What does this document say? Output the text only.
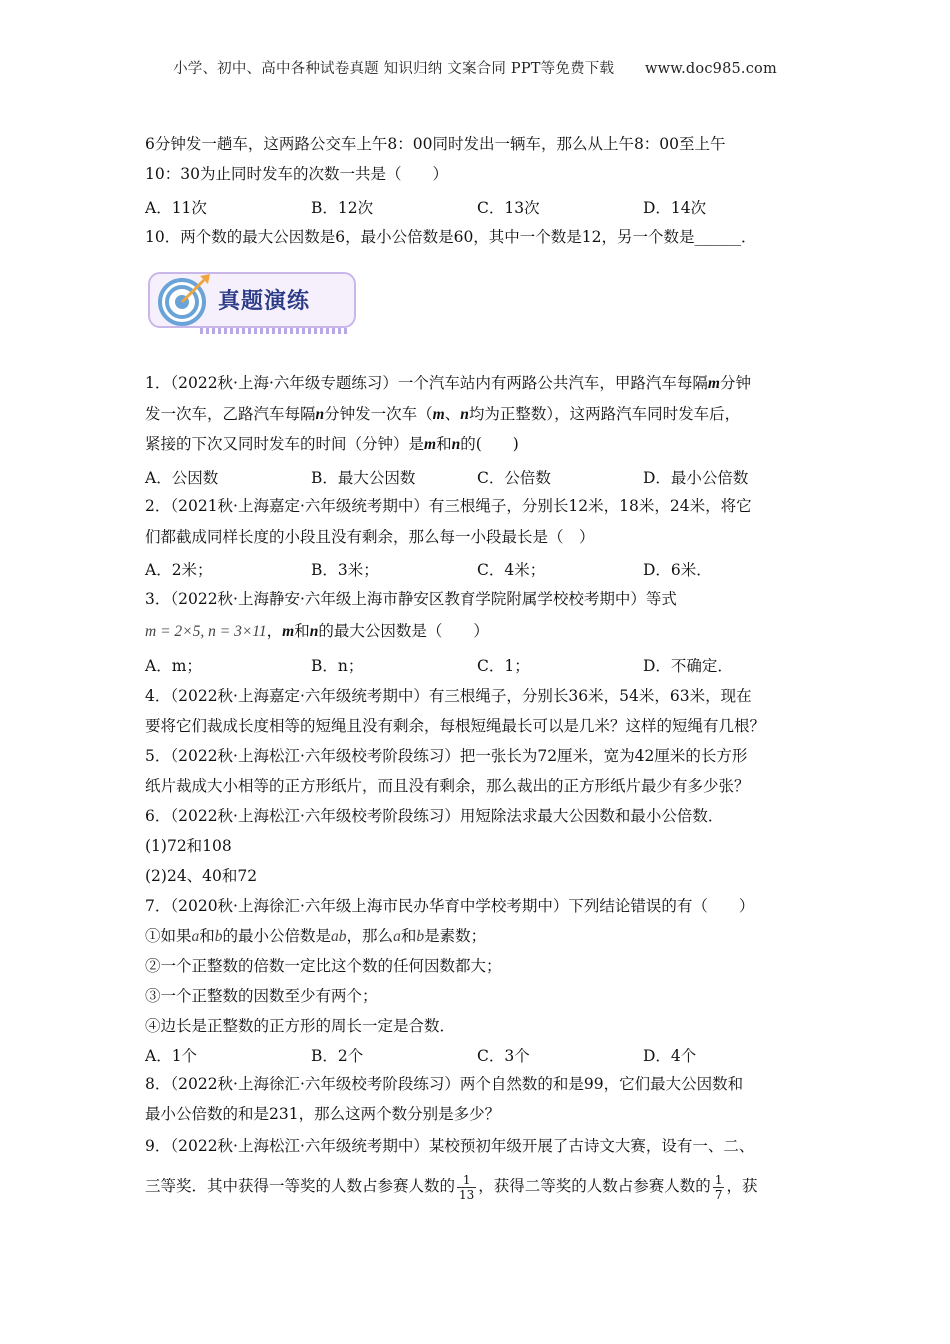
小学、初中、高中各种试卷真题 知识归纳 文案合同 PPT等免费下载 www.doc985.com
6分钟发一趟车，这两路公交车上午8：00同时发出一辆车，那么从上午8：00至上午
10：30为止同时发车的次数一共是（　　）
A．11次	B．12次	C．13次	D．14次
10．两个数的最大公因数是6，最小公倍数是60，其中一个数是12，另一个数是______．
1．（2022秋·上海·六年级专题练习）一个汽车站内有两路公共汽车，甲路汽车每隔m分钟
发一次车，乙路汽车每隔n分钟发一次车（m、n均为正整数），这两路汽车同时发车后，
紧接的下次又同时发车的时间（分钟）是m和n的(　　)
A．公因数	B．最大公因数	C．公倍数	D．最小公倍数
2．（2021秋·上海嘉定·六年级统考期中）有三根绳子，分别长12米，18米，24米，将它
们都截成同样长度的小段且没有剩余，那么每一小段最长是（　）
A．2米；	B．3米；	C．4米；	D．6米．
3．（2022秋·上海静安·六年级上海市静安区教育学院附属学校校考期中）等式
m = 2×5, n = 3×11，m和n的最大公因数是（　　）
A．m；	B．n；	C．1；	D．不确定．
4．（2022秋·上海嘉定·六年级统考期中）有三根绳子，分别长36米，54米，63米，现在
要将它们裁成长度相等的短绳且没有剩余，每根短绳最长可以是几米？这样的短绳有几根？
5．（2022秋·上海松江·六年级校考阶段练习）把一张长为72厘米，宽为42厘米的长方形
纸片裁成大小相等的正方形纸片，而且没有剩余，那么裁出的正方形纸片最少有多少张？
6．（2022秋·上海松江·六年级校考阶段练习）用短除法求最大公因数和最小公倍数．
(1)72和108
(2)24、40和72
7．（2020秋·上海徐汇·六年级上海市民办华育中学校考期中）下列结论错误的有（　　）
①如果a和b的最小公倍数是ab，那么a和b是素数；
②一个正整数的倍数一定比这个数的任何因数都大；
③一个正整数的因数至少有两个；
④边长是正整数的正方形的周长一定是合数．
A．1个	B．2个	C．3个	D．4个
8．（2022秋·上海徐汇·六年级校考阶段练习）两个自然数的和是99，它们最大公因数和
最小公倍数的和是231，那么这两个数分别是多少？
9．（2022秋·上海松江·六年级统考期中）某校预初年级开展了古诗文大赛，设有一、二、
三等奖．其中获得一等奖的人数占参赛人数的 $\frac{1}{13}$ ，获得二等奖的人数占参赛人数的 $\frac{1}{7}$ ，获
真题演练
